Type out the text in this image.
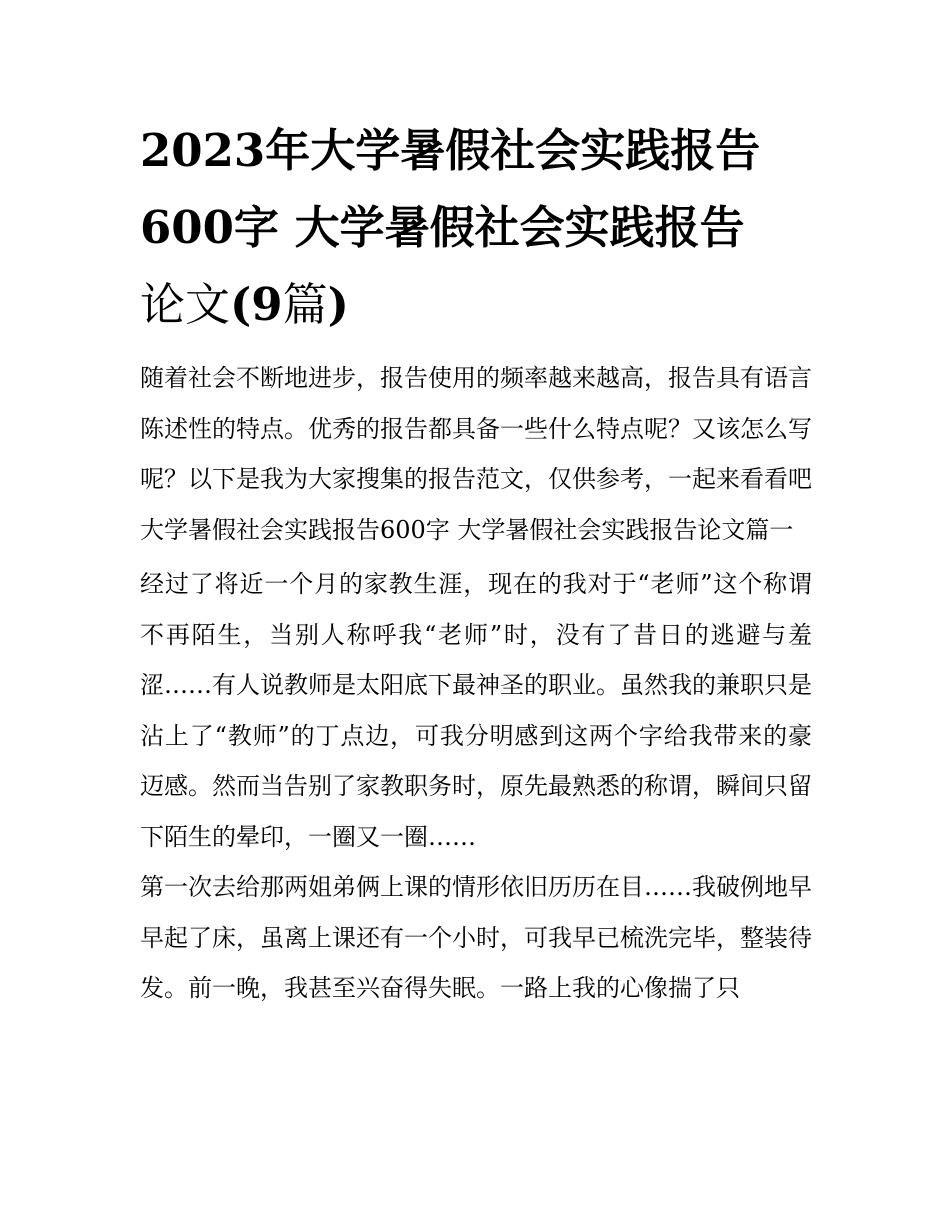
2023年大学暑假社会实践报告
600字 大学暑假社会实践报告
论文(9篇)

随着社会不断地进步，报告使用的频率越来越高，报告具有语言陈述性的特点。优秀的报告都具备一些什么特点呢？又该怎么写呢？以下是我为大家搜集的报告范文，仅供参考，一起来看看吧

大学暑假社会实践报告600字 大学暑假社会实践报告论文篇一

经过了将近一个月的家教生涯，现在的我对于“老师”这个称谓不再陌生，当别人称呼我“老师”时，没有了昔日的逃避与羞涩……有人说教师是太阳底下最神圣的职业。虽然我的兼职只是沾上了“教师”的丁点边，可我分明感到这两个字给我带来的豪迈感。然而当告别了家教职务时，原先最熟悉的称谓，瞬间只留下陌生的晕印，一圈又一圈……

第一次去给那两姐弟俩上课的情形依旧历历在目……我破例地早早起了床，虽离上课还有一个小时，可我早已梳洗完毕，整装待发。前一晚，我甚至兴奋得失眠。一路上我的心像揣了只
